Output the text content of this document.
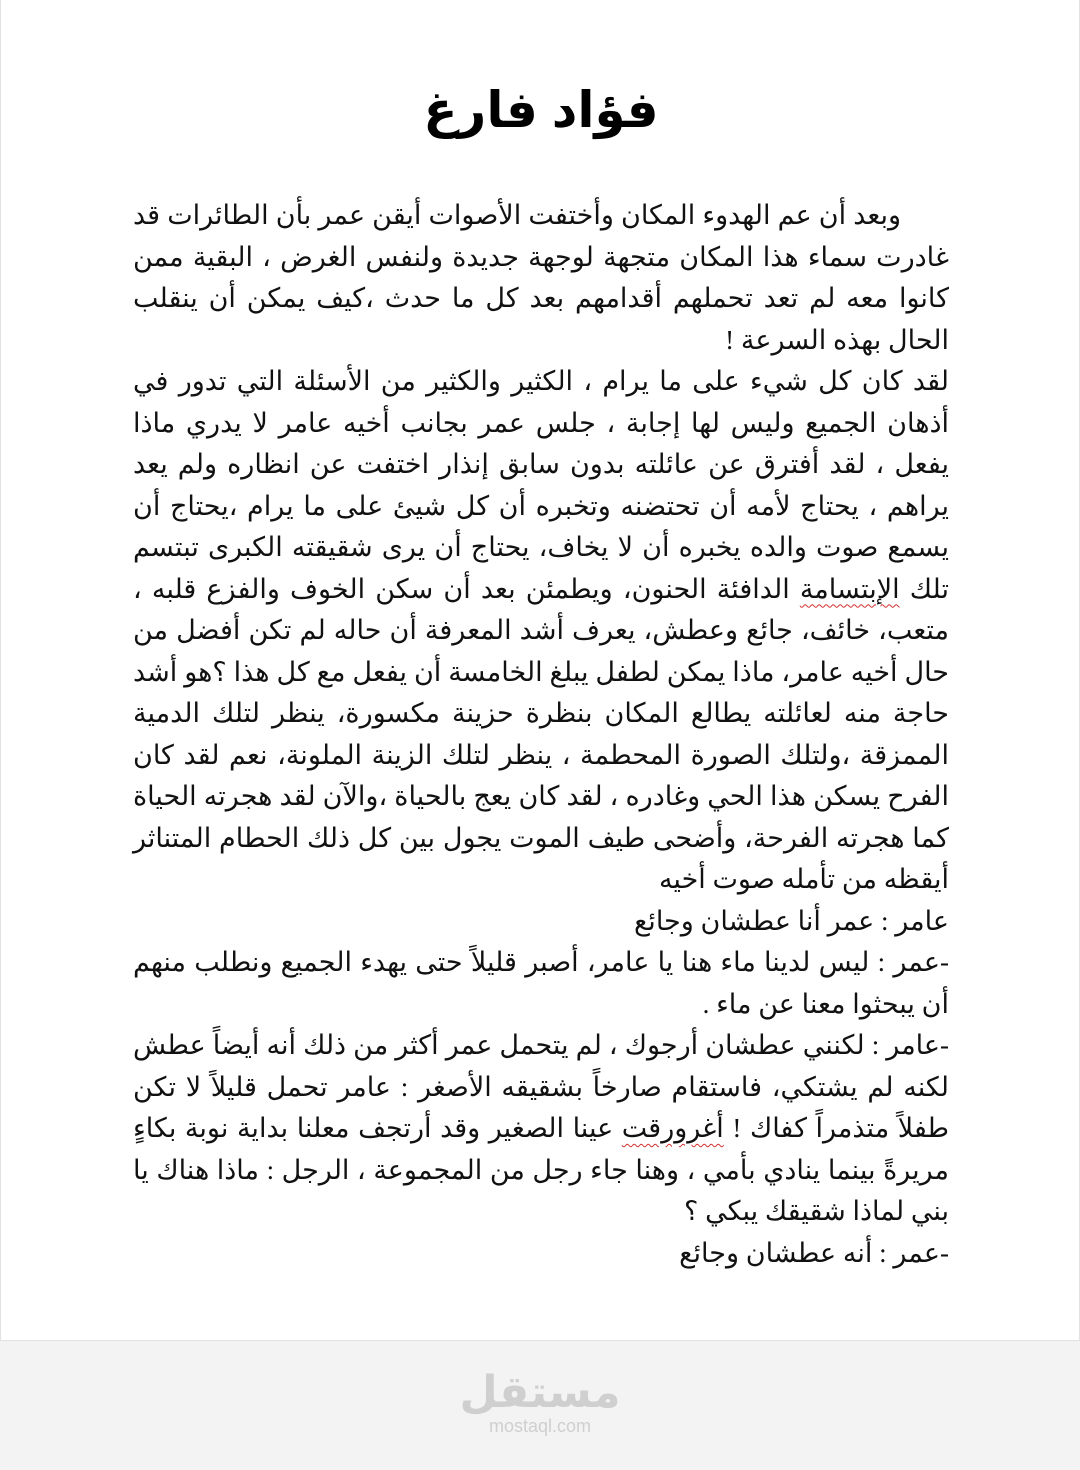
فؤاد فارغ

وبعد أن عم الهدوء المكان وأختفت الأصوات أيقن عمر بأن الطائرات قد غادرت سماء هذا المكان متجهة لوجهة جديدة ولنفس الغرض ، البقية ممن كانوا معه لم تعد تحملهم أقدامهم بعد كل ما حدث ،كيف يمكن أن ينقلب الحال بهذه السرعة !

لقد كان كل شيء على ما يرام ، الكثير والكثير من الأسئلة التي تدور في أذهان الجميع وليس لها إجابة ، جلس عمر بجانب أخيه عامر لا يدري ماذا يفعل ، لقد أفترق عن عائلته بدون سابق إنذار اختفت عن انظاره ولم يعد يراهم ، يحتاج لأمه أن تحتضنه وتخبره أن كل شيئ على ما يرام ،يحتاج أن يسمع صوت والده يخبره أن لا يخاف، يحتاج أن يرى شقيقته الكبرى تبتسم تلك الإبتسامة الدافئة الحنون، ويطمئن بعد أن سكن الخوف والفزع قلبه ، متعب، خائف، جائع وعطش، يعرف أشد المعرفة أن حاله لم تكن أفضل من حال أخيه عامر، ماذا يمكن لطفل يبلغ الخامسة أن يفعل مع كل هذا ؟هو أشد حاجة منه لعائلته يطالع المكان بنظرة حزينة مكسورة، ينظر لتلك الدمية الممزقة ،ولتلك الصورة المحطمة ، ينظر لتلك الزينة الملونة، نعم لقد كان الفرح يسكن هذا الحي وغادره ، لقد كان يعج بالحياة ،والآن لقد هجرته الحياة كما هجرته الفرحة، وأضحى طيف الموت يجول بين كل ذلك الحطام المتناثر أيقظه من تأمله صوت أخيه

عامر : عمر أنا عطشان وجائع

-عمر : ليس لدينا ماء هنا يا عامر، أصبر قليلاً حتى يهدء الجميع ونطلب منهم أن يبحثوا معنا عن ماء .

-عامر : لكنني عطشان أرجوك ، لم يتحمل عمر أكثر من ذلك أنه أيضاً عطش لكنه لم يشتكي، فاستقام صارخاً بشقيقه الأصغر : عامر تحمل قليلاً لا تكن طفلاً متذمراً كفاك ! أغرورقت عينا الصغير وقد أرتجف معلنا بداية نوبة بكاءٍ مريرةً بينما ينادي بأمي ، وهنا جاء رجل من المجموعة ، الرجل : ماذا هناك يا بني لماذا شقيقك يبكي ؟

-عمر : أنه عطشان وجائع

مستقل
mostaql.com
